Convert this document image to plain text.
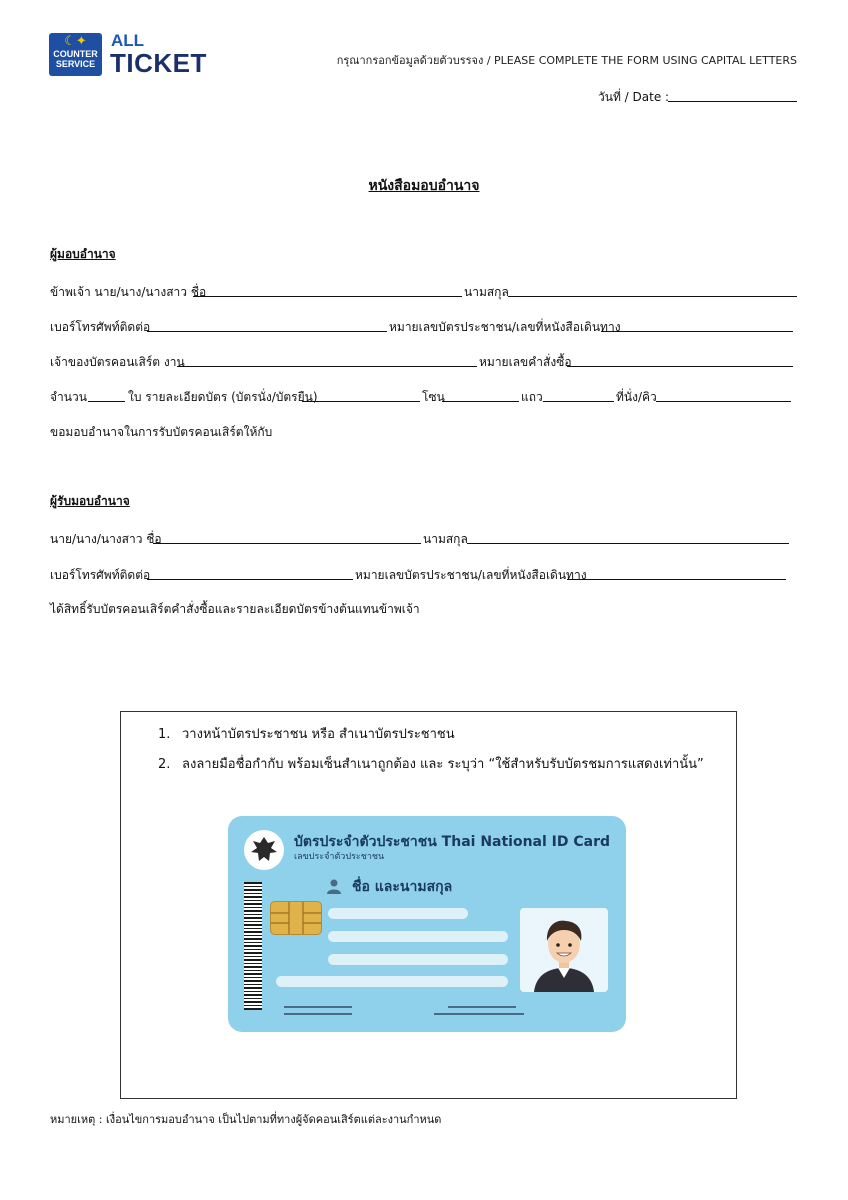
☾✦
COUNTER
SERVICE
ALL
TICKET	กรุณากรอกข้อมูลด้วยตัวบรรจง / PLEASE COMPLETE THE FORM USING CAPITAL LETTERS
วันที่ / Date :
หนังสือมอบอำนาจ
ผู้มอบอำนาจ
ข้าพเจ้า นาย/นาง/นางสาว ชื่อ	นามสกุล
เบอร์โทรศัพท์ติดต่อ	หมายเลขบัตรประชาชน/เลขที่หนังสือเดินทาง
เจ้าของบัตรคอนเสิร์ต งาน	หมายเลขคำสั่งซื้อ
จำนวน	ใบ รายละเอียดบัตร (บัตรนั่ง/บัตรยืน)	โซน	แถว	ที่นั่ง/คิว
ขอมอบอำนาจในการรับบัตรคอนเสิร์ตให้กับ
ผู้รับมอบอำนาจ
นาย/นาง/นางสาว ชื่อ	นามสกุล
เบอร์โทรศัพท์ติดต่อ	หมายเลขบัตรประชาชน/เลขที่หนังสือเดินทาง
ได้สิทธิ์รับบัตรคอนเสิร์ตคำสั่งซื้อและรายละเอียดบัตรข้างต้นแทนข้าพเจ้า
1. วางหน้าบัตรประชาชน หรือ สำเนาบัตรประชาชน
2. ลงลายมือชื่อกำกับ พร้อมเซ็นสำเนาถูกต้อง และ ระบุว่า “ใช้สำหรับรับบัตรชมการแสดงเท่านั้น”
บัตรประจำตัวประชาชน Thai National ID Card
เลขประจำตัวประชาชน
ชื่อ และนามสกุล
หมายเหตุ : เงื่อนไขการมอบอำนาจ เป็นไปตามที่ทางผู้จัดคอนเสิร์ตแต่ละงานกำหนด
